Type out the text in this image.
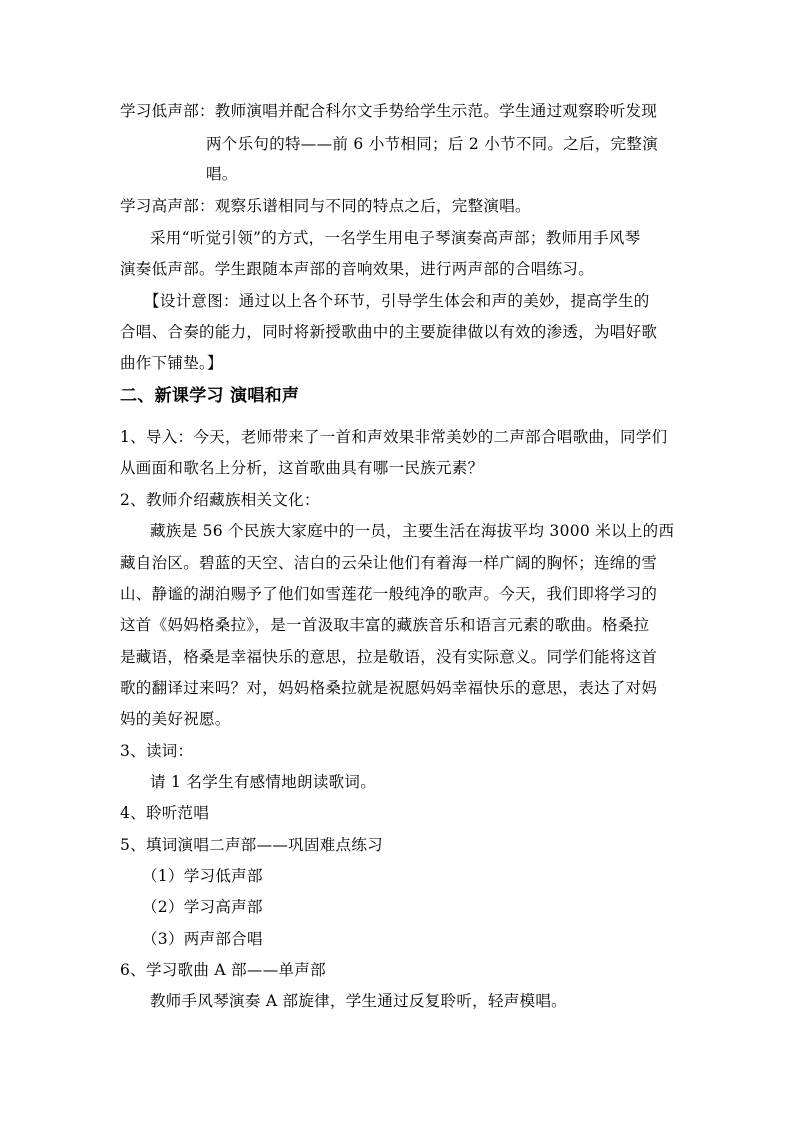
学习低声部：教师演唱并配合科尔文手势给学生示范。学生通过观察聆听发现
两个乐句的特——前 6 小节相同；后 2 小节不同。之后，完整演
唱。
学习高声部：观察乐谱相同与不同的特点之后，完整演唱。
采用“听觉引领”的方式，一名学生用电子琴演奏高声部；教师用手风琴
演奏低声部。学生跟随本声部的音响效果，进行两声部的合唱练习。
【设计意图：通过以上各个环节，引导学生体会和声的美妙，提高学生的
合唱、合奏的能力，同时将新授歌曲中的主要旋律做以有效的渗透，为唱好歌
曲作下铺垫。】
二、新课学习 演唱和声
1、导入：今天，老师带来了一首和声效果非常美妙的二声部合唱歌曲，同学们
从画面和歌名上分析，这首歌曲具有哪一民族元素？
2、教师介绍藏族相关文化：
藏族是 56 个民族大家庭中的一员，主要生活在海拔平均 3000 米以上的西
藏自治区。碧蓝的天空、洁白的云朵让他们有着海一样广阔的胸怀；连绵的雪
山、静谧的湖泊赐予了他们如雪莲花一般纯净的歌声。今天，我们即将学习的
这首《妈妈格桑拉》，是一首汲取丰富的藏族音乐和语言元素的歌曲。格桑拉
是藏语，格桑是幸福快乐的意思，拉是敬语，没有实际意义。同学们能将这首
歌的翻译过来吗？对，妈妈格桑拉就是祝愿妈妈幸福快乐的意思，表达了对妈
妈的美好祝愿。
3、读词：
请 1 名学生有感情地朗读歌词。
4、聆听范唱
5、填词演唱二声部——巩固难点练习
（1）学习低声部
（2）学习高声部
（3）两声部合唱
6、学习歌曲 A 部——单声部
教师手风琴演奏 A 部旋律，学生通过反复聆听，轻声模唱。
